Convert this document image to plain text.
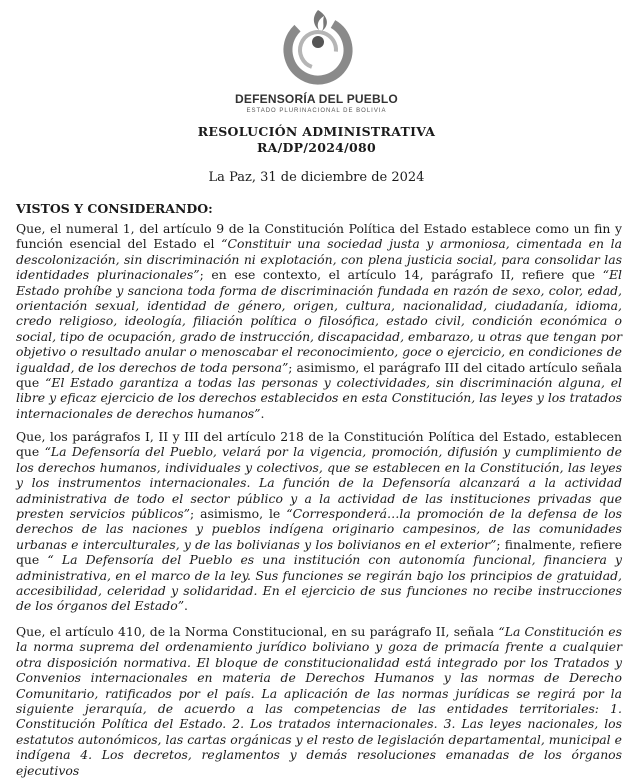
DEFENSORÍA DEL PUEBLO
ESTADO PLURINACIONAL DE BOLIVIA
RESOLUCIÓN ADMINISTRATIVA
RA/DP/2024/080
La Paz, 31 de diciembre de 2024
VISTOS Y CONSIDERANDO:
Que, el numeral 1, del artículo 9 de la Constitución Política del Estado establece como un fin y función esencial del Estado el “Constituir una sociedad justa y armoniosa, cimentada en la descolonización, sin discriminación ni explotación, con plena justicia social, para consolidar las identidades plurinacionales”; en ese contexto, el artículo 14, parágrafo II, refiere que “El Estado prohíbe y sanciona toda forma de discriminación fundada en razón de sexo, color, edad, orientación sexual, identidad de género, origen, cultura, nacionalidad, ciudadanía, idioma, credo religioso, ideología, filiación política o filosófica, estado civil, condición económica o social, tipo de ocupación, grado de instrucción, discapacidad, embarazo, u otras que tengan por objetivo o resultado anular o menoscabar el reconocimiento, goce o ejercicio, en condiciones de igualdad, de los derechos de toda persona”; asimismo, el parágrafo III del citado artículo señala que “El Estado garantiza a todas las personas y colectividades, sin discriminación alguna, el libre y eficaz ejercicio de los derechos establecidos en esta Constitución, las leyes y los tratados internacionales de derechos humanos”.
Que, los parágrafos I, II y III del artículo 218 de la Constitución Política del Estado, establecen que “La Defensoría del Pueblo, velará por la vigencia, promoción, difusión y cumplimiento de los derechos humanos, individuales y colectivos, que se establecen en la Constitución, las leyes y los instrumentos internacionales. La función de la Defensoría alcanzará a la actividad administrativa de todo el sector público y a la actividad de las instituciones privadas que presten servicios públicos”; asimismo, le “Corresponderá…la promoción de la defensa de los derechos de las naciones y pueblos indígena originario campesinos, de las comunidades urbanas e interculturales, y de las bolivianas y los bolivianos en el exterior”; finalmente, refiere que “ La Defensoría del Pueblo es una institución con autonomía funcional, financiera y administrativa, en el marco de la ley. Sus funciones se regirán bajo los principios de gratuidad, accesibilidad, celeridad y solidaridad. En el ejercicio de sus funciones no recibe instrucciones de los órganos del Estado”.
Que, el artículo 410, de la Norma Constitucional, en su parágrafo II, señala “La Constitución es la norma suprema del ordenamiento jurídico boliviano y goza de primacía frente a cualquier otra disposición normativa. El bloque de constitucionalidad está integrado por los Tratados y Convenios internacionales en materia de Derechos Humanos y las normas de Derecho Comunitario, ratificados por el país. La aplicación de las normas jurídicas se regirá por la siguiente jerarquía, de acuerdo a las competencias de las entidades territoriales: 1. Constitución Política del Estado. 2. Los tratados internacionales. 3. Las leyes nacionales, los estatutos autonómicos, las cartas orgánicas y el resto de legislación departamental, municipal e indígena 4. Los decretos, reglamentos y demás resoluciones emanadas de los órganos ejecutivos
